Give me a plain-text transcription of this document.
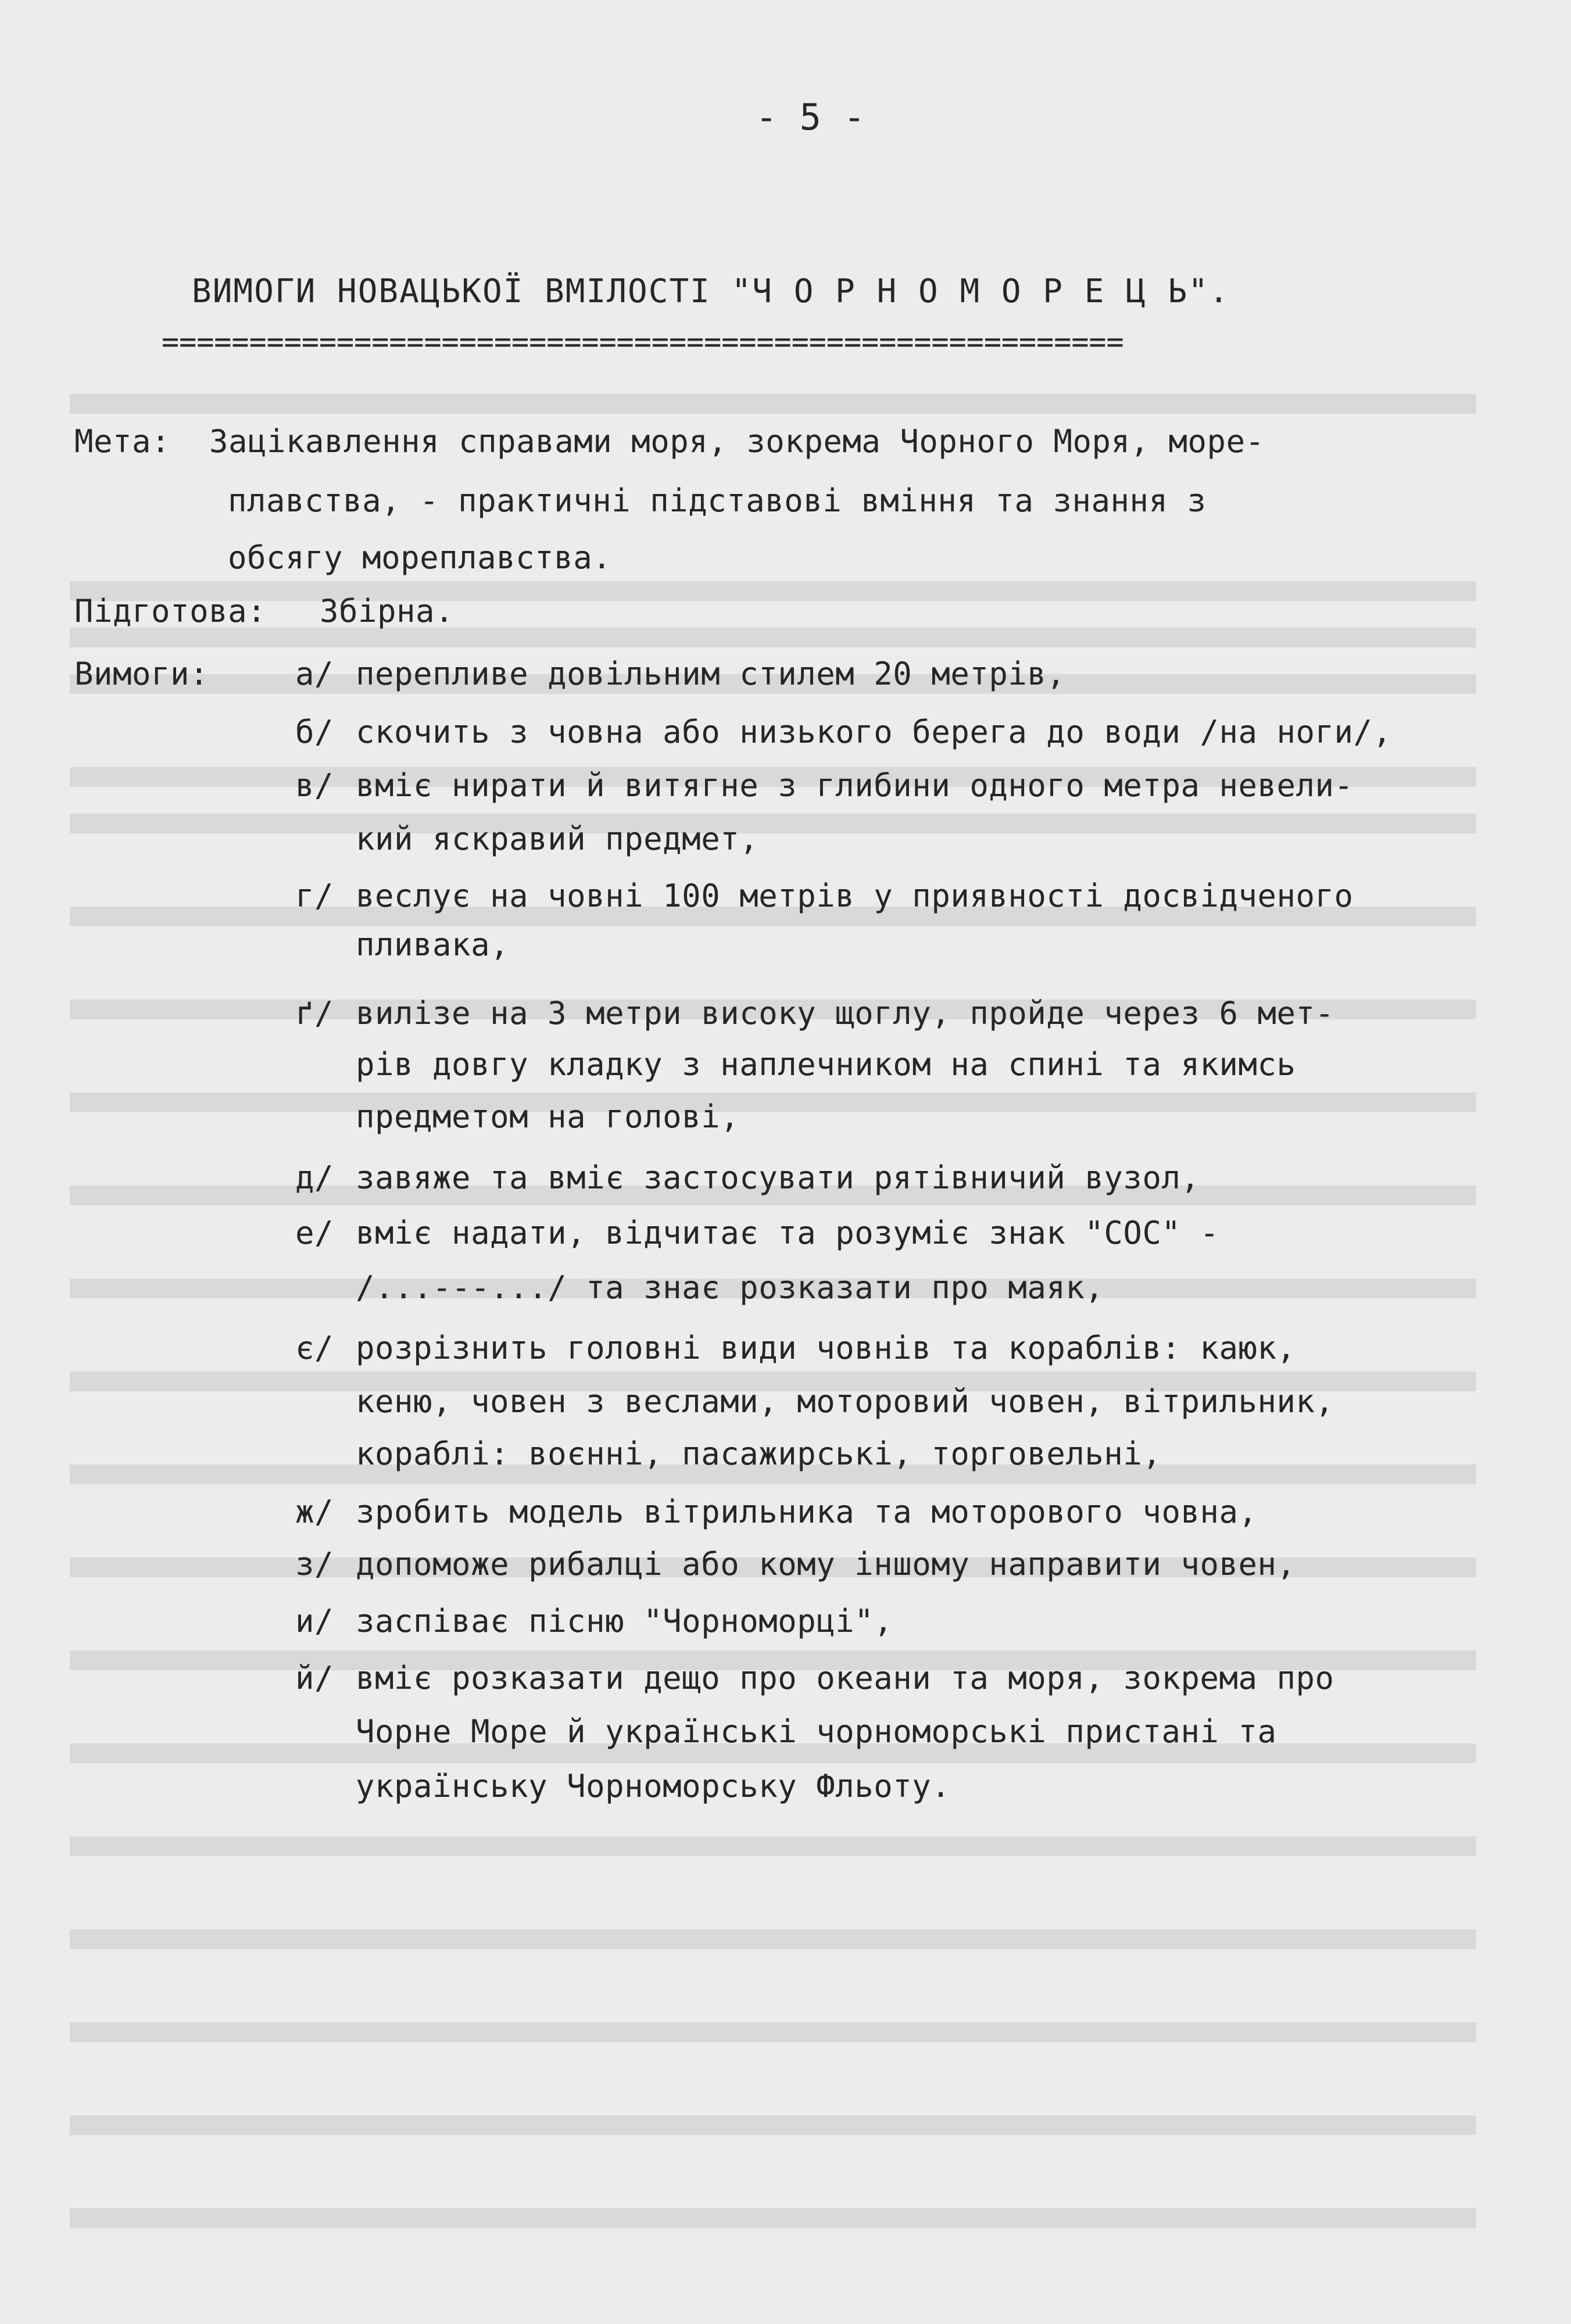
- 5 -
ВИМОГИ НОВАЦЬКОЇ ВМІЛОСТІ "Ч О Р Н О М О Р Е Ц Ь".
=======================================================
Мета: Зацікавлення справами моря, зокрема Чорного Моря, море-
плавства, - практичні підставові вміння та знання з
обсягу мореплавства.
Підготова: Збірна.
Вимоги:	а/ перепливе довільним стилем 20 метрів,
б/ скочить з човна або низького берега до води /на ноги/,
в/ вміє нирати й витягне з глибини одного метра невели-
кий яскравий предмет,
г/ веслує на човні 100 метрів у приявності досвідченого
пливака,
ґ/ вилізе на 3 метри високу щоглу, пройде через 6 мет-
рів довгу кладку з наплечником на спині та якимсь
предметом на голові,
д/ завяже та вміє застосувати рятівничий вузол,
е/ вміє надати, відчитає та розуміє знак "СОС" -
/...---.../ та знає розказати про маяк,
є/ розрізнить головні види човнів та кораблів: каюк,
кеню, човен з веслами, моторовий човен, вітрильник,
кораблі: воєнні, пасажирські, торговельні,
ж/ зробить модель вітрильника та моторового човна,
з/ допоможе рибалці або кому іншому направити човен,
и/ заспіває пісню "Чорноморці",
й/ вміє розказати дещо про океани та моря, зокрема про
Чорне Море й українські чорноморські пристані та
українську Чорноморську Фльоту.
